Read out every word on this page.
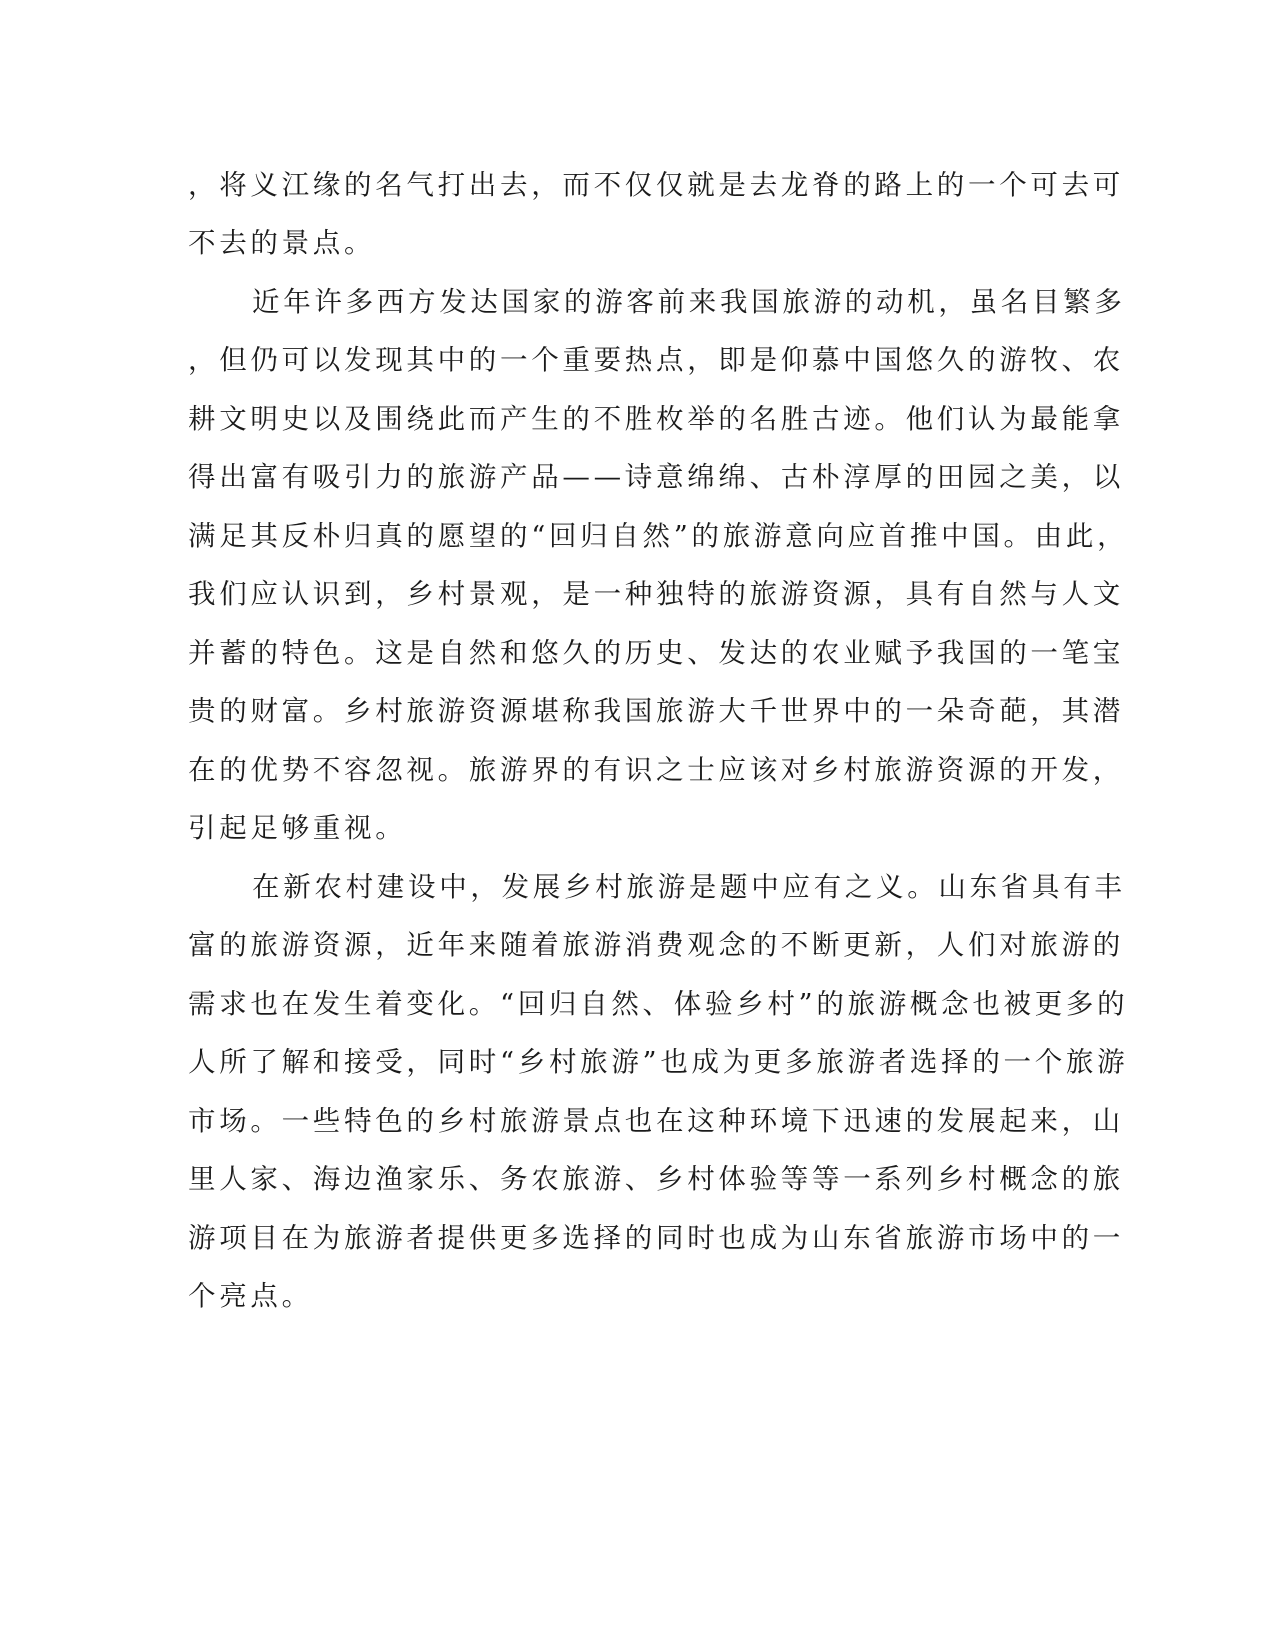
，将义江缘的名气打出去，而不仅仅就是去龙脊的路上的一个可去可
不去的景点。
近年许多西方发达国家的游客前来我国旅游的动机，虽名目繁多
，但仍可以发现其中的一个重要热点，即是仰慕中国悠久的游牧、农
耕文明史以及围绕此而产生的不胜枚举的名胜古迹。他们认为最能拿
得出富有吸引力的旅游产品——诗意绵绵、古朴淳厚的田园之美，以
满足其反朴归真的愿望的“回归自然”的旅游意向应首推中国。由此，
我们应认识到，乡村景观，是一种独特的旅游资源，具有自然与人文
并蓄的特色。这是自然和悠久的历史、发达的农业赋予我国的一笔宝
贵的财富。乡村旅游资源堪称我国旅游大千世界中的一朵奇葩，其潜
在的优势不容忽视。旅游界的有识之士应该对乡村旅游资源的开发，
引起足够重视。
在新农村建设中，发展乡村旅游是题中应有之义。山东省具有丰
富的旅游资源，近年来随着旅游消费观念的不断更新，人们对旅游的
需求也在发生着变化。“回归自然、体验乡村”的旅游概念也被更多的
人所了解和接受，同时“乡村旅游”也成为更多旅游者选择的一个旅游
市场。一些特色的乡村旅游景点也在这种环境下迅速的发展起来，山
里人家、海边渔家乐、务农旅游、乡村体验等等一系列乡村概念的旅
游项目在为旅游者提供更多选择的同时也成为山东省旅游市场中的一
个亮点。
